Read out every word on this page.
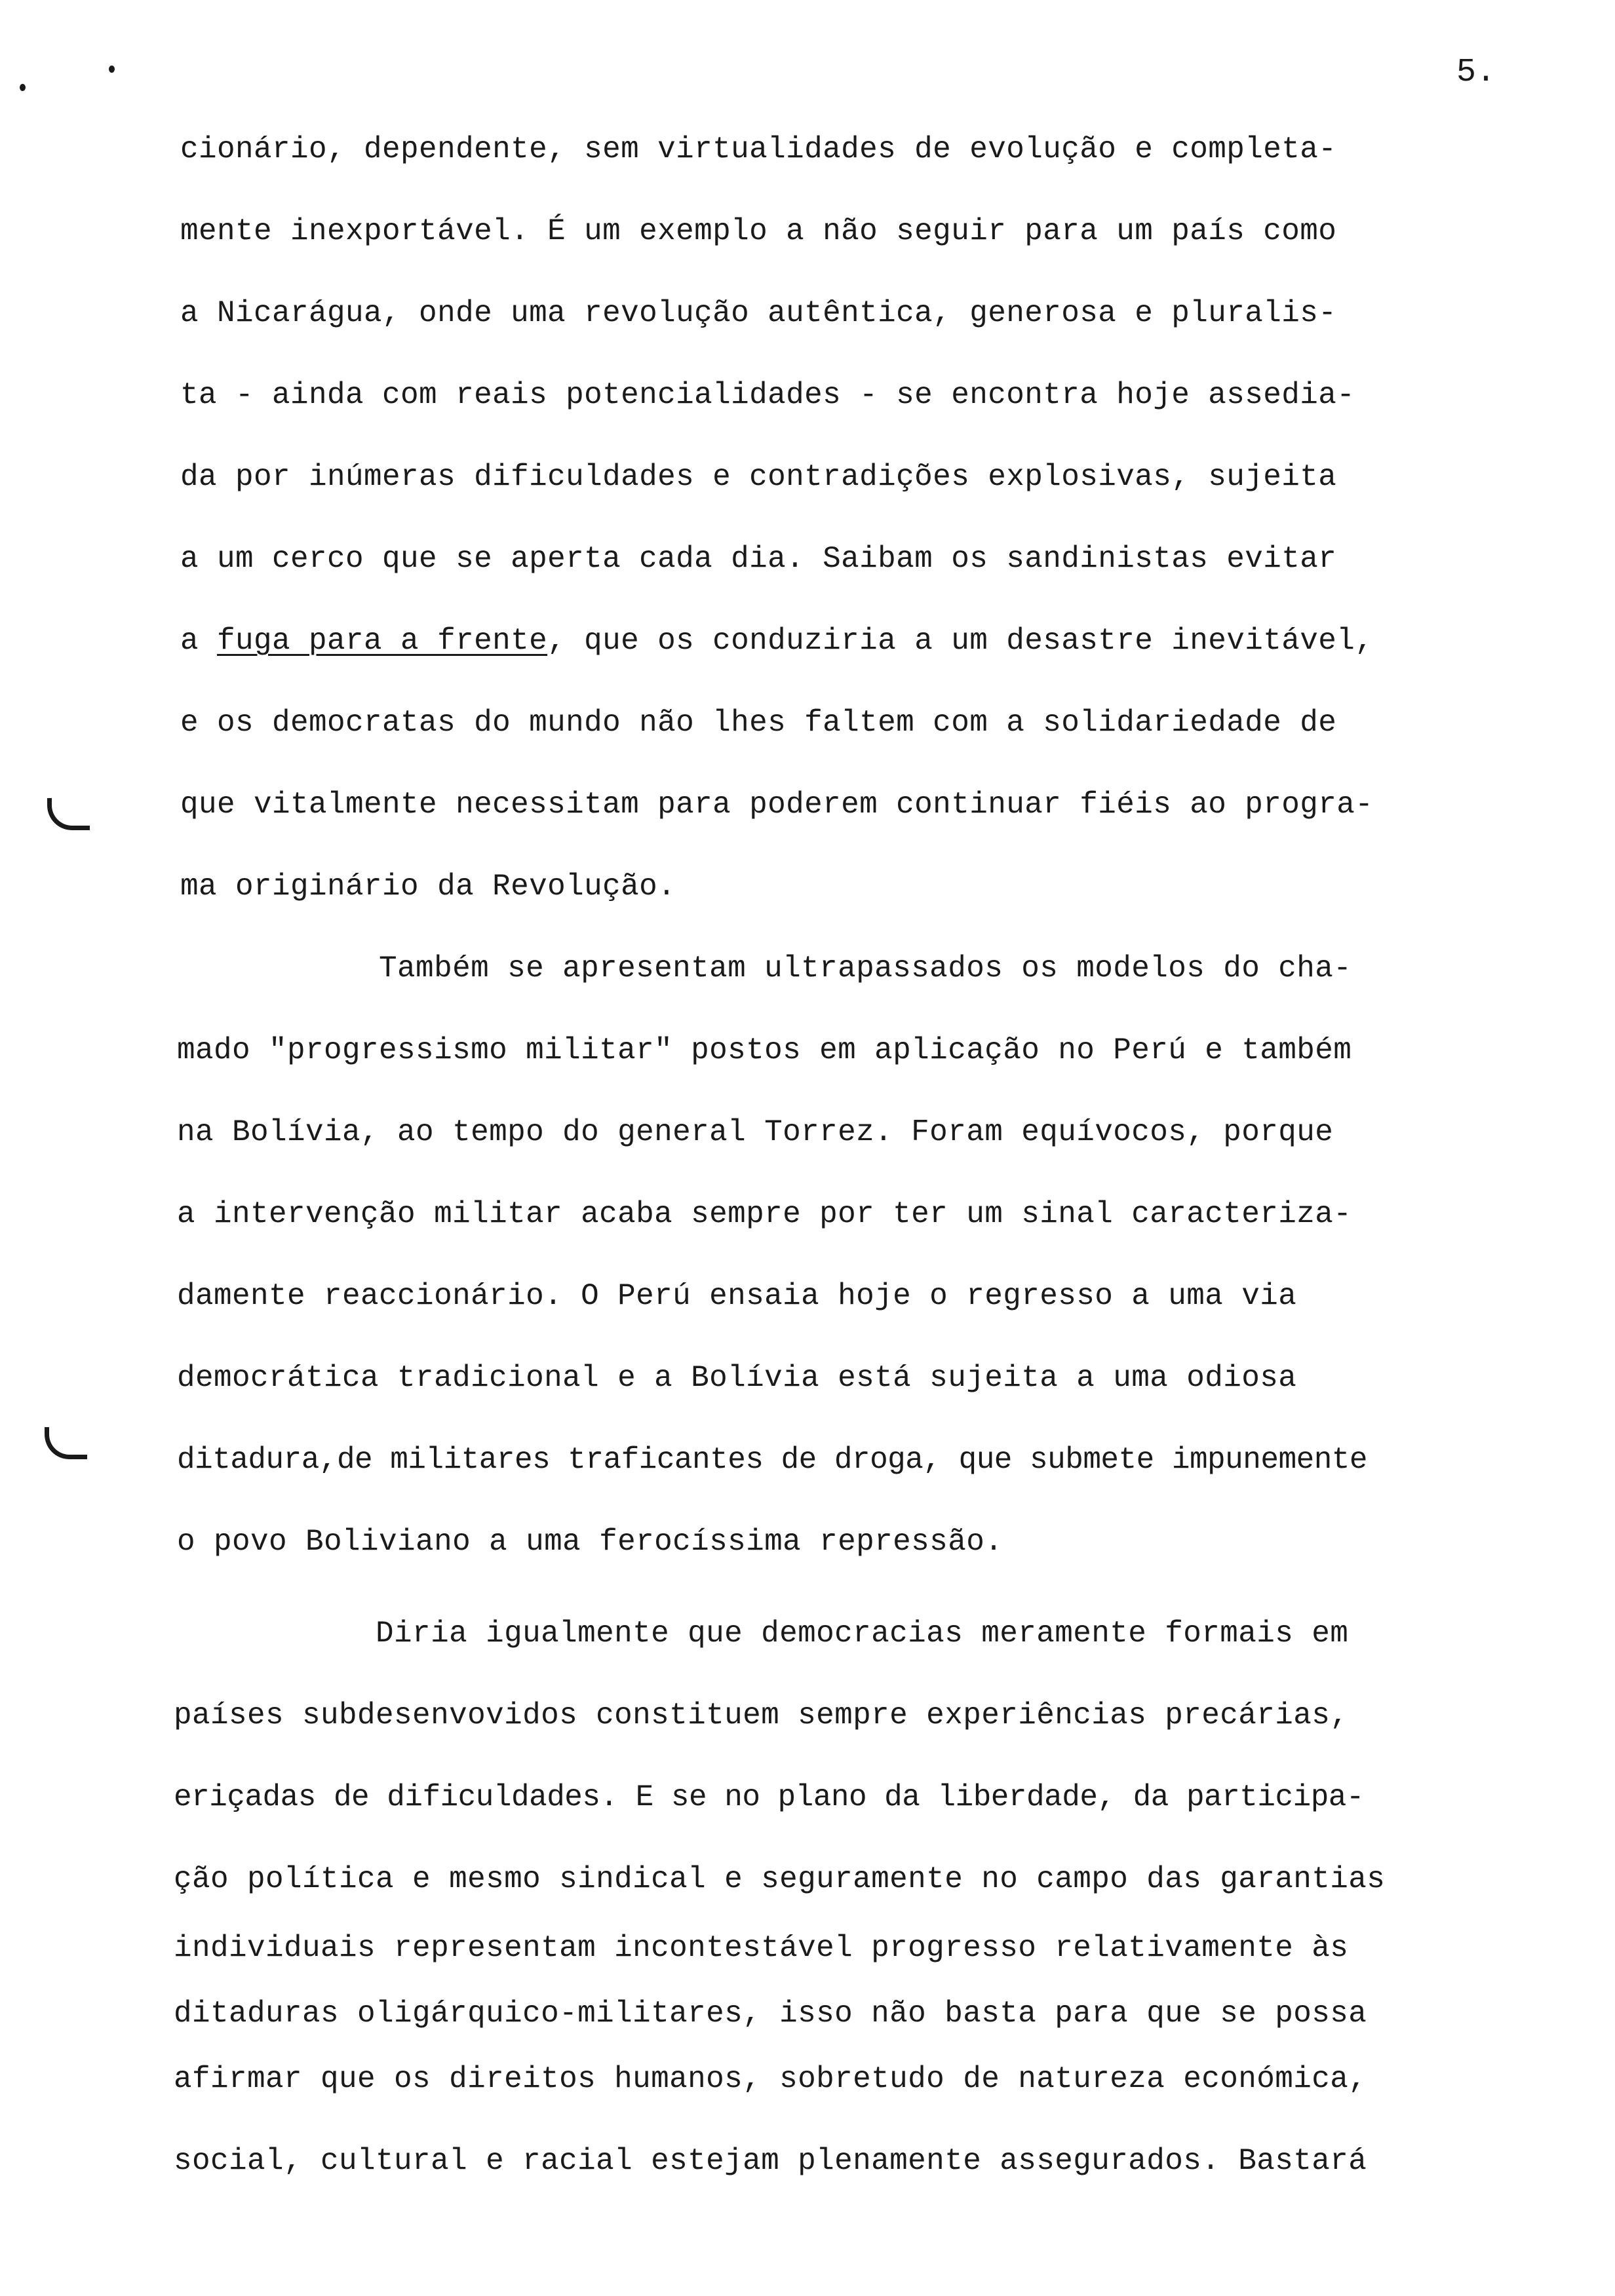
5.

cionário, dependente, sem virtualidades de evolução e completa-

mente inexportável. É um exemplo a não seguir para um país como

a Nicarágua, onde uma revolução autêntica, generosa e pluralis-

ta - ainda com reais potencialidades - se encontra hoje assedia-

da por inúmeras dificuldades e contradições explosivas, sujeita

a um cerco que se aperta cada dia. Saibam os sandinistas evitar

a fuga para a frente, que os conduziria a um desastre inevitável,

e os democratas do mundo não lhes faltem com a solidariedade de

que vitalmente necessitam para poderem continuar fiéis ao progra-

ma originário da Revolução.

Também se apresentam ultrapassados os modelos do cha-

mado "progressismo militar" postos em aplicação no Perú e também

na Bolívia, ao tempo do general Torrez. Foram equívocos, porque

a intervenção militar acaba sempre por ter um sinal caracteriza-

damente reaccionário. O Perú ensaia hoje o regresso a uma via

democrática tradicional e a Bolívia está sujeita a uma odiosa

ditadura,de militares traficantes de droga, que submete impunemente

o povo Boliviano a uma ferocíssima repressão.

Diria igualmente que democracias meramente formais em

países subdesenvovidos constituem sempre experiências precárias,

eriçadas de dificuldades. E se no plano da liberdade, da participa-

ção política e mesmo sindical e seguramente no campo das garantias

individuais representam incontestável progresso relativamente às

ditaduras oligárquico-militares, isso não basta para que se possa

afirmar que os direitos humanos, sobretudo de natureza económica,

social, cultural e racial estejam plenamente assegurados. Bastará
